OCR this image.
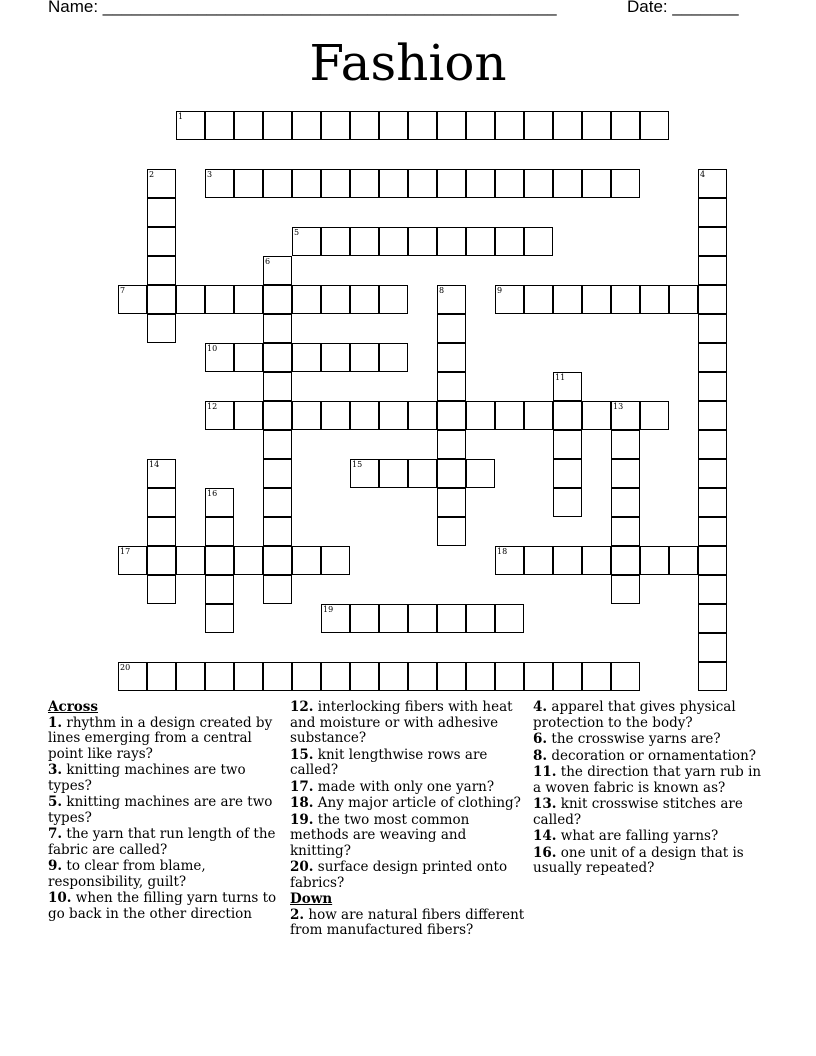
Name: ________________________________________________	Date: _______
Fashion
1
2	3	4
5
6
7	8	9
10
11
12	13
14	15
16
17	18
19
20
Across
1. rhythm in a design created by lines emerging from a central point like rays?
3. knitting machines are two types?
5. knitting machines are are two types?
7. the yarn that run length of the fabric are called?
9. to clear from blame, responsibility, guilt?
10. when the filling yarn turns to go back in the other direction
12. interlocking fibers with heat and moisture or with adhesive substance?
15. knit lengthwise rows are called?
17. made with only one yarn?
18. Any major article of clothing?
19. the two most common methods are weaving and knitting?
20. surface design printed onto fabrics?
Down
2. how are natural fibers different from manufactured fibers?
4. apparel that gives physical protection to the body?
6. the crosswise yarns are?
8. decoration or ornamentation?
11. the direction that yarn rub in a woven fabric is known as?
13. knit crosswise stitches are called?
14. what are falling yarns?
16. one unit of a design that is usually repeated?
